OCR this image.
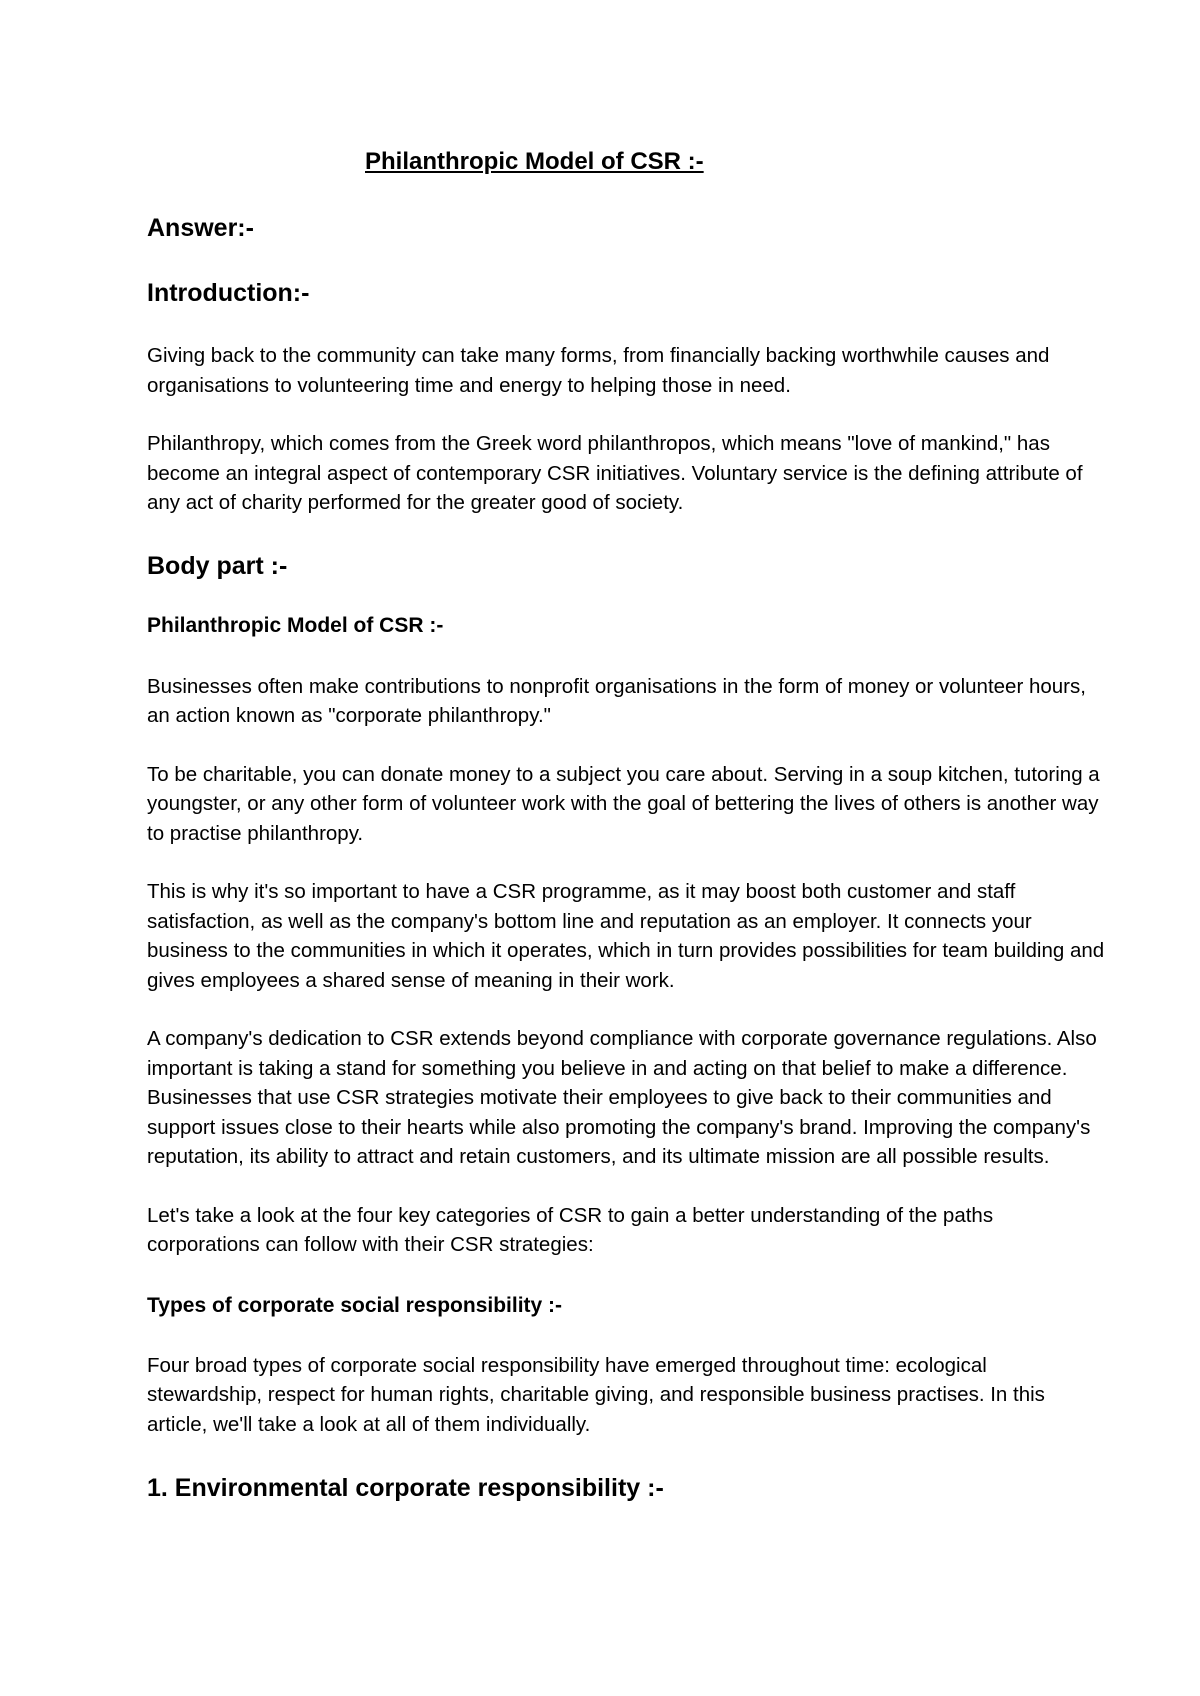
Philanthropic Model of CSR :-
Answer:-
Introduction:-

Giving back to the community can take many forms, from financially backing worthwhile causes and organisations to volunteering time and energy to helping those in need.

Philanthropy, which comes from the Greek word philanthropos, which means "love of mankind," has become an integral aspect of contemporary CSR initiatives. Voluntary service is the defining attribute of any act of charity performed for the greater good of society.

Body part :-
Philanthropic Model of CSR :-

Businesses often make contributions to nonprofit organisations in the form of money or volunteer hours, an action known as "corporate philanthropy."

To be charitable, you can donate money to a subject you care about. Serving in a soup kitchen, tutoring a youngster, or any other form of volunteer work with the goal of bettering the lives of others is another way to practise philanthropy.

This is why it's so important to have a CSR programme, as it may boost both customer and staff satisfaction, as well as the company's bottom line and reputation as an employer. It connects your business to the communities in which it operates, which in turn provides possibilities for team building and gives employees a shared sense of meaning in their work.

A company's dedication to CSR extends beyond compliance with corporate governance regulations. Also important is taking a stand for something you believe in and acting on that belief to make a difference. Businesses that use CSR strategies motivate their employees to give back to their communities and support issues close to their hearts while also promoting the company's brand. Improving the company's reputation, its ability to attract and retain customers, and its ultimate mission are all possible results.

Let's take a look at the four key categories of CSR to gain a better understanding of the paths corporations can follow with their CSR strategies:

Types of corporate social responsibility :-

Four broad types of corporate social responsibility have emerged throughout time: ecological stewardship, respect for human rights, charitable giving, and responsible business practises. In this article, we'll take a look at all of them individually.

1. Environmental corporate responsibility :-
